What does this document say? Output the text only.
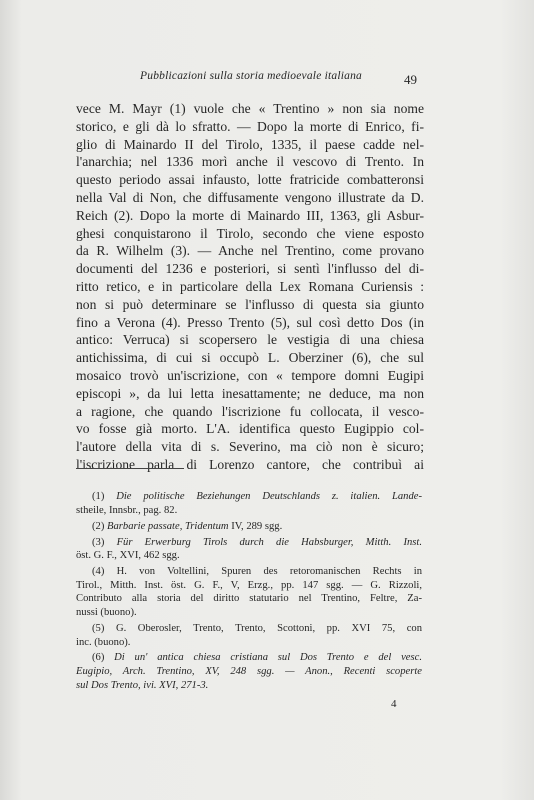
Pubblicazioni sulla storia medioevale italiana	49
vece M. Mayr (1) vuole che « Trentino » non sia nome
storico, e gli dà lo sfratto. — Dopo la morte di Enrico, fi-
glio di Mainardo II del Tirolo, 1335, il paese cadde nel-
l'anarchia; nel 1336 morì anche il vescovo di Trento. In
questo periodo assai infausto, lotte fratricide combatteronsi
nella Val di Non, che diffusamente vengono illustrate da D.
Reich (2). Dopo la morte di Mainardo III, 1363, gli Asbur-
ghesi conquistarono il Tirolo, secondo che viene esposto
da R. Wilhelm (3). — Anche nel Trentino, come provano
documenti del 1236 e posteriori, si sentì l'influsso del di-
ritto retico, e in particolare della Lex Romana Curiensis :
non si può determinare se l'influsso di questa sia giunto
fino a Verona (4). Presso Trento (5), sul così detto Dos (in
antico: Verruca) si scopersero le vestigia di una chiesa
antichissima, di cui si occupò L. Oberziner (6), che sul
mosaico trovò un'iscrizione, con « tempore domni Eugipi
episcopi », da lui letta inesattamente; ne deduce, ma non
a ragione, che quando l'iscrizione fu collocata, il vesco-
vo fosse già morto. L'A. identifica questo Eugippio col-
l'autore della vita di s. Severino, ma ciò non è sicuro;
l'iscrizione parla di Lorenzo cantore, che contribuì ai
(1) Die politische Beziehungen Deutschlands z. italien. Lande-
stheile, Innsbr., pag. 82.
(2) Barbarie passate, Tridentum IV, 289 sgg.
(3) Für Erwerburg Tirols durch die Habsburger, Mitth. Inst.
öst. G. F., XVI, 462 sgg.
(4) H. von Voltellini, Spuren des retoromanischen Rechts in
Tirol., Mitth. Inst. öst. G. F., V, Erzg., pp. 147 sgg. — G. Rizzoli,
Contributo alla storia del diritto statutario nel Trentino, Feltre, Za-
nussi (buono).
(5) G. Oberosler, Trento, Trento, Scottoni, pp. XVI 75, con
inc. (buono).
(6) Di un' antica chiesa cristiana sul Dos Trento e del vesc.
Eugipio, Arch. Trentino, XV, 248 sgg. — Anon., Recenti scoperte
sul Dos Trento, ivi. XVI, 271-3.
4
